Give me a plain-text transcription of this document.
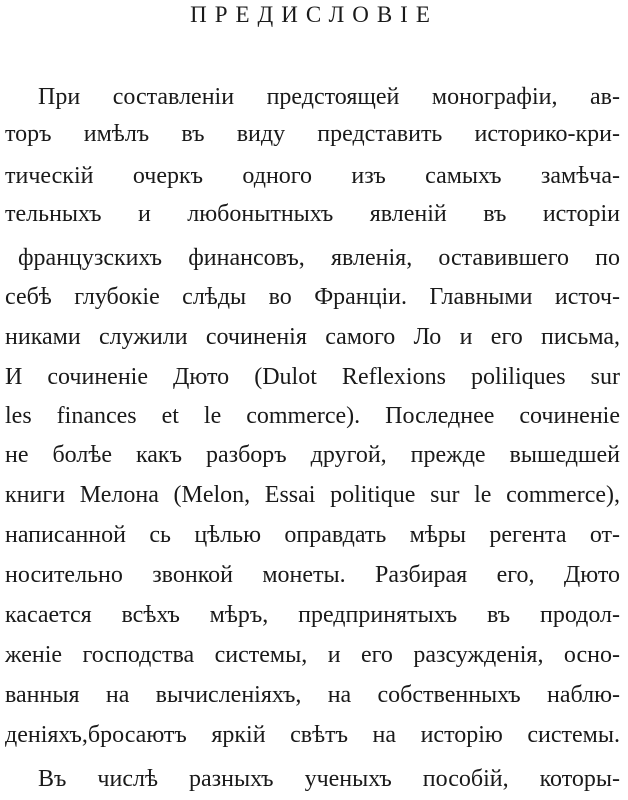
ПРЕДИСЛОВІЕ
При составленіи предстоящей монографіи, ав-
торъ имѣлъ въ виду представить историко-кри-
тическій очеркъ одного изъ самыхъ замѣча-
тельныхъ и любонытныхъ явленій въ исторіи
французскихъ финансовъ, явленія, оставившего по
себѣ глубокіе слѣды во Франціи. Главными источ-
никами служили сочиненія самого Ло и его письма,
И сочиненіе Дюто (Dulot Reflexions poliliques sur
les finances et le commerce). Последнее сочиненіе
не болѣе какъ разборъ другой, прежде вышедшей
книги Мелона (Melon, Essai politique sur le commerce),
написанной сь цѣлью оправдать мѣры регента от-
носительно звонкой монеты. Разбирая его, Дюто
касается всѣхъ мѣръ, предпринятыхъ въ продол-
женіе господства системы, и его разсужденія, осно-
ванныя на вычисленіяхъ, на собственныхъ наблю-
деніяхъ,бросаютъ яркій свѣтъ на исторію системы.
Въ числѣ разныхъ ученыхъ пособій, которы-
